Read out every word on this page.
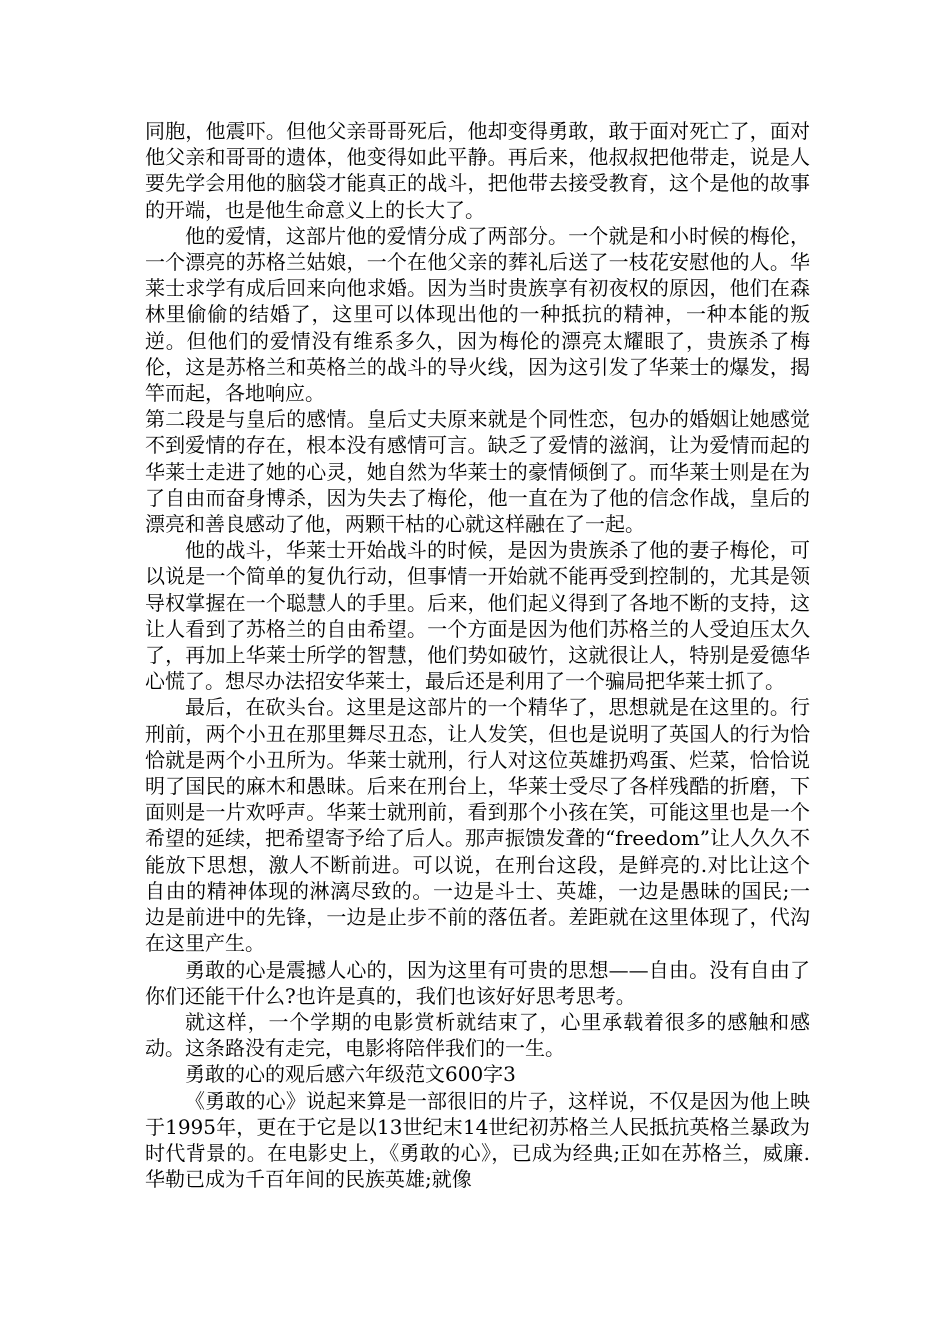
同胞，他震吓。但他父亲哥哥死后，他却变得勇敢，敢于面对死亡了，面对他父亲和哥哥的遗体，他变得如此平静。再后来，他叔叔把他带走，说是人要先学会用他的脑袋才能真正的战斗，把他带去接受教育，这个是他的故事的开端，也是他生命意义上的长大了。

他的爱情，这部片他的爱情分成了两部分。一个就是和小时候的梅伦，一个漂亮的苏格兰姑娘，一个在他父亲的葬礼后送了一枝花安慰他的人。华莱士求学有成后回来向他求婚。因为当时贵族享有初夜权的原因，他们在森林里偷偷的结婚了，这里可以体现出他的一种抵抗的精神，一种本能的叛逆。但他们的爱情没有维系多久，因为梅伦的漂亮太耀眼了，贵族杀了梅伦，这是苏格兰和英格兰的战斗的导火线，因为这引发了华莱士的爆发，揭竿而起，各地响应。

第二段是与皇后的感情。皇后丈夫原来就是个同性恋，包办的婚姻让她感觉不到爱情的存在，根本没有感情可言。缺乏了爱情的滋润，让为爱情而起的华莱士走进了她的心灵，她自然为华莱士的豪情倾倒了。而华莱士则是在为了自由而奋身博杀，因为失去了梅伦，他一直在为了他的信念作战，皇后的漂亮和善良感动了他，两颗干枯的心就这样融在了一起。

他的战斗，华莱士开始战斗的时候，是因为贵族杀了他的妻子梅伦，可以说是一个简单的复仇行动，但事情一开始就不能再受到控制的，尤其是领导权掌握在一个聪慧人的手里。后来，他们起义得到了各地不断的支持，这让人看到了苏格兰的自由希望。一个方面是因为他们苏格兰的人受迫压太久了，再加上华莱士所学的智慧，他们势如破竹，这就很让人，特别是爱德华心慌了。想尽办法招安华莱士，最后还是利用了一个骗局把华莱士抓了。

最后，在砍头台。这里是这部片的一个精华了，思想就是在这里的。行刑前，两个小丑在那里舞尽丑态，让人发笑，但也是说明了英国人的行为恰恰就是两个小丑所为。华莱士就刑，行人对这位英雄扔鸡蛋、烂菜，恰恰说明了国民的麻木和愚昧。后来在刑台上，华莱士受尽了各样残酷的折磨，下面则是一片欢呼声。华莱士就刑前，看到那个小孩在笑，可能这里也是一个希望的延续，把希望寄予给了后人。那声振馈发聋的“freedom”让人久久不能放下思想，激人不断前进。可以说，在刑台这段，是鲜亮的.对比让这个自由的精神体现的淋漓尽致的。一边是斗士、英雄，一边是愚昧的国民;一边是前进中的先锋，一边是止步不前的落伍者。差距就在这里体现了，代沟在这里产生。

勇敢的心是震撼人心的，因为这里有可贵的思想——自由。没有自由了你们还能干什么?也许是真的，我们也该好好思考思考。

就这样，一个学期的电影赏析就结束了，心里承载着很多的感触和感动。这条路没有走完，电影将陪伴我们的一生。

勇敢的心的观后感六年级范文600字3

《勇敢的心》说起来算是一部很旧的片子，这样说，不仅是因为他上映于1995年，更在于它是以13世纪末14世纪初苏格兰人民抵抗英格兰暴政为时代背景的。在电影史上，《勇敢的心》，已成为经典;正如在苏格兰，威廉.华勒已成为千百年间的民族英雄;就像
